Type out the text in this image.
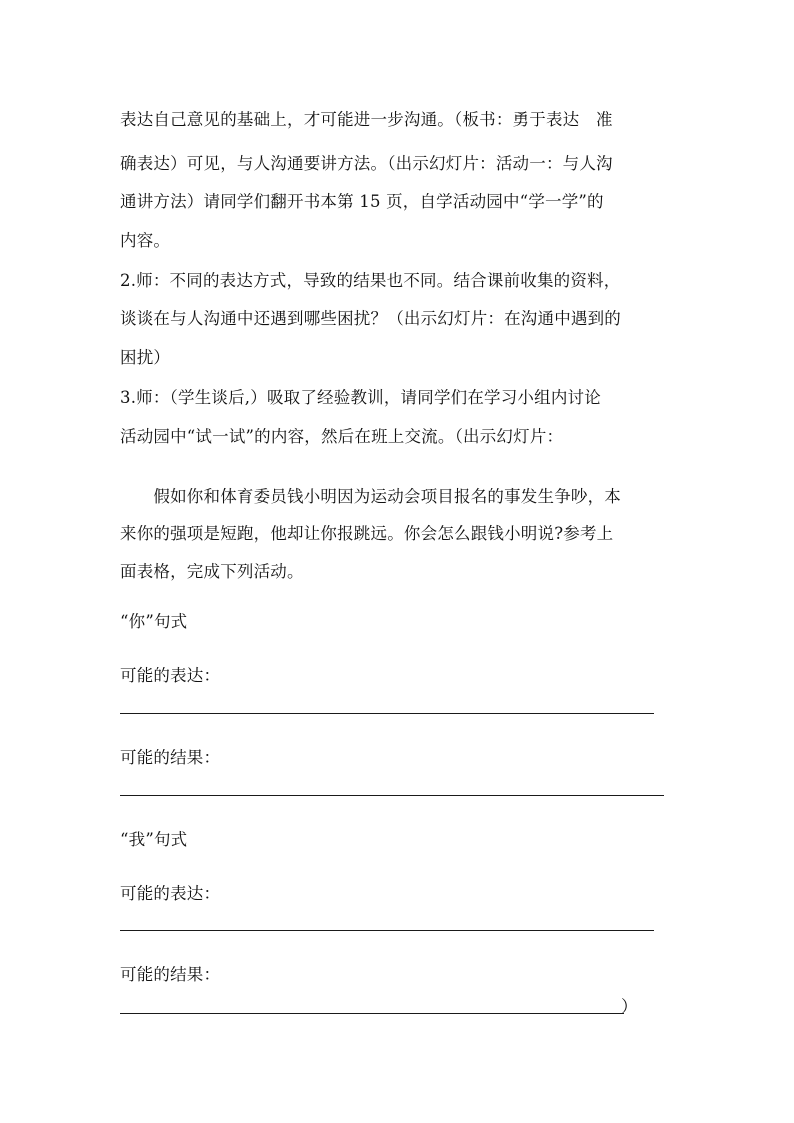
表达自己意见的基础上，才可能进一步沟通。（板书：勇于表达　准
确表达）可见，与人沟通要讲方法。（出示幻灯片：活动一：与人沟
通讲方法）请同学们翻开书本第 15 页，自学活动园中“学一学”的
内容。
2.师：不同的表达方式，导致的结果也不同。结合课前收集的资料，
谈谈在与人沟通中还遇到哪些困扰？（出示幻灯片：在沟通中遇到的
困扰）
3.师：（学生谈后,）吸取了经验教训，请同学们在学习小组内讨论
活动园中“试一试”的内容，然后在班上交流。（出示幻灯片：
　　假如你和体育委员钱小明因为运动会项目报名的事发生争吵，本
来你的强项是短跑，他却让你报跳远。你会怎么跟钱小明说?参考上
面表格，完成下列活动。
“你”句式
可能的表达：
可能的结果：
“我”句式
可能的表达：
可能的结果：
）
